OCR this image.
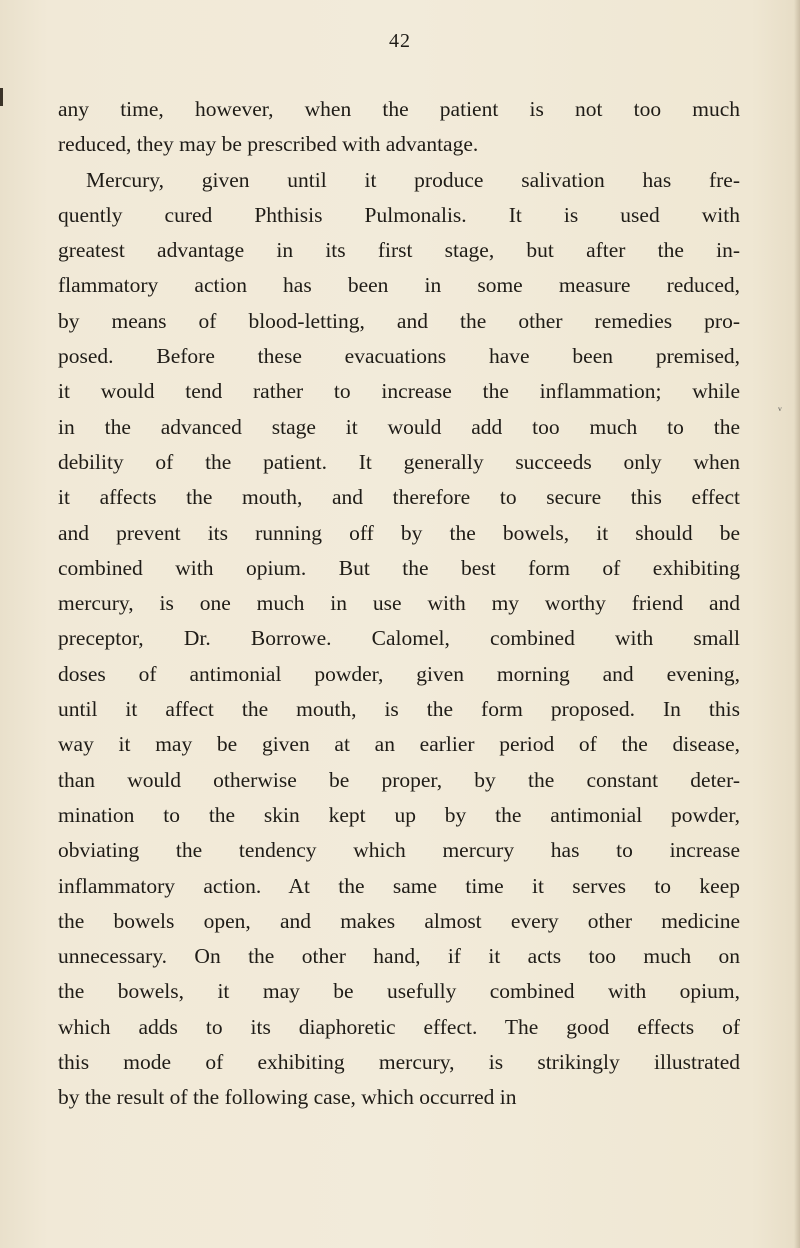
42
ᵥ
any time, however, when the patient is not too much
reduced, they may be prescribed with advantage.
Mercury, given until it produce salivation has fre-
quently cured Phthisis Pulmonalis. It is used with
greatest advantage in its first stage, but after the in-
flammatory action has been in some measure reduced,
by means of blood-letting, and the other remedies pro-
posed. Before these evacuations have been premised,
it would tend rather to increase the inflammation; while
in the advanced stage it would add too much to the
debility of the patient. It generally succeeds only when
it affects the mouth, and therefore to secure this effect
and prevent its running off by the bowels, it should be
combined with opium. But the best form of exhibiting
mercury, is one much in use with my worthy friend and
preceptor, Dr. Borrowe. Calomel, combined with small
doses of antimonial powder, given morning and evening,
until it affect the mouth, is the form proposed. In this
way it may be given at an earlier period of the disease,
than would otherwise be proper, by the constant deter-
mination to the skin kept up by the antimonial powder,
obviating the tendency which mercury has to increase
inflammatory action. At the same time it serves to keep
the bowels open, and makes almost every other medicine
unnecessary. On the other hand, if it acts too much on
the bowels, it may be usefully combined with opium,
which adds to its diaphoretic effect. The good effects of
this mode of exhibiting mercury, is strikingly illustrated
by the result of the following case, which occurred in
